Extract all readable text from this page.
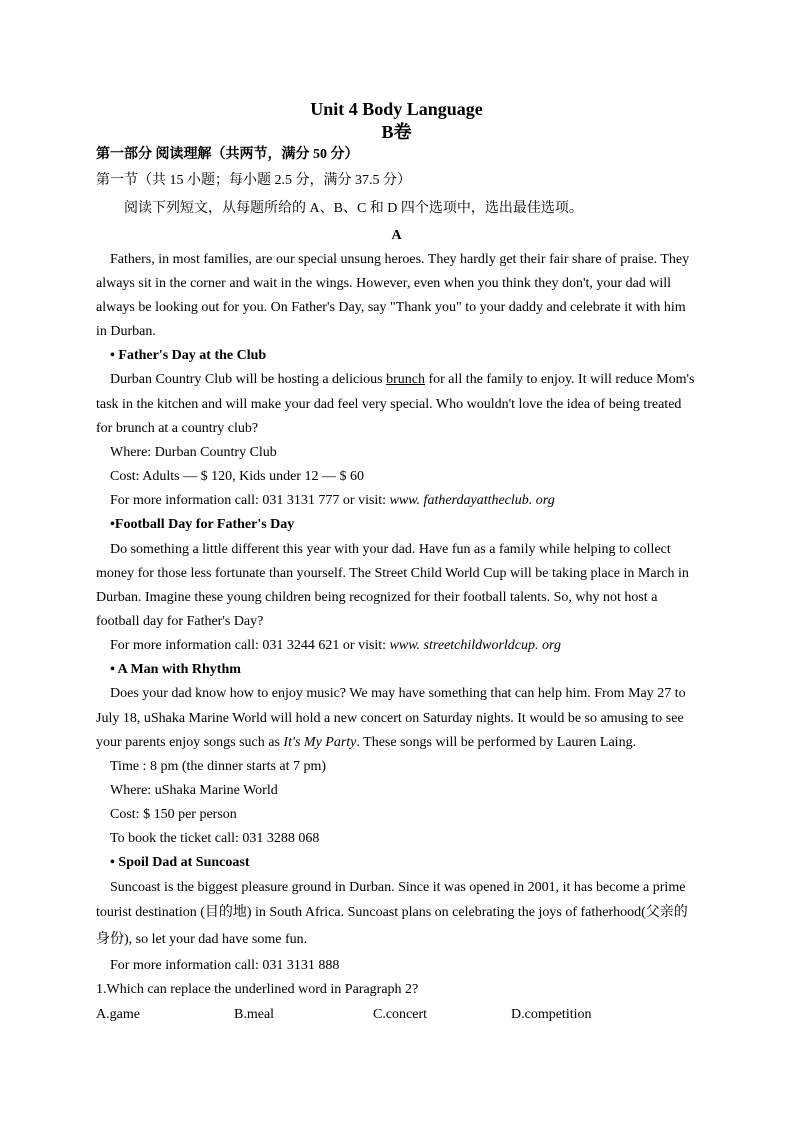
Unit 4 Body Language
B卷
第一部分 阅读理解（共两节，满分 50 分）
第一节（共 15 小题；每小题 2.5 分，满分 37.5 分）
阅读下列短文，从每题所给的 A、B、C 和 D 四个选项中，选出最佳选项。
A
Fathers, in most families, are our special unsung heroes. They hardly get their fair share of praise. They
always sit in the corner and wait in the wings. However, even when you think they don't, your dad will
always be looking out for you. On Father's Day, say "Thank you" to your daddy and celebrate it with him
in Durban.
• Father's Day at the Club
Durban Country Club will be hosting a delicious brunch for all the family to enjoy. It will reduce Mom's
task in the kitchen and will make your dad feel very special. Who wouldn't love the idea of being treated
for brunch at a country club?
Where: Durban Country Club
Cost: Adults — $ 120, Kids under 12 — $ 60
For more information call: 031 3131 777 or visit: www. fatherdayattheclub. org
•Football Day for Father's Day
Do something a little different this year with your dad. Have fun as a family while helping to collect
money for those less fortunate than yourself. The Street Child World Cup will be taking place in March in
Durban. Imagine these young children being recognized for their football talents. So, why not host a
football day for Father's Day?
For more information call: 031 3244 621 or visit: www. streetchildworldcup. org
• A Man with Rhythm
Does your dad know how to enjoy music? We may have something that can help him. From May 27 to
July 18, uShaka Marine World will hold a new concert on Saturday nights. It would be so amusing to see
your parents enjoy songs such as It's My Party. These songs will be performed by Lauren Laing.
Time : 8 pm (the dinner starts at 7 pm)
Where: uShaka Marine World
Cost: $ 150 per person
To book the ticket call: 031 3288 068
• Spoil Dad at Suncoast
Suncoast is the biggest pleasure ground in Durban. Since it was opened in 2001, it has become a prime
tourist destination (目的地) in South Africa. Suncoast plans on celebrating the joys of fatherhood(父亲的
身份), so let your dad have some fun.
For more information call: 031 3131 888
1.Which can replace the underlined word in Paragraph 2?
A.game	B.meal	C.concert	D.competition
